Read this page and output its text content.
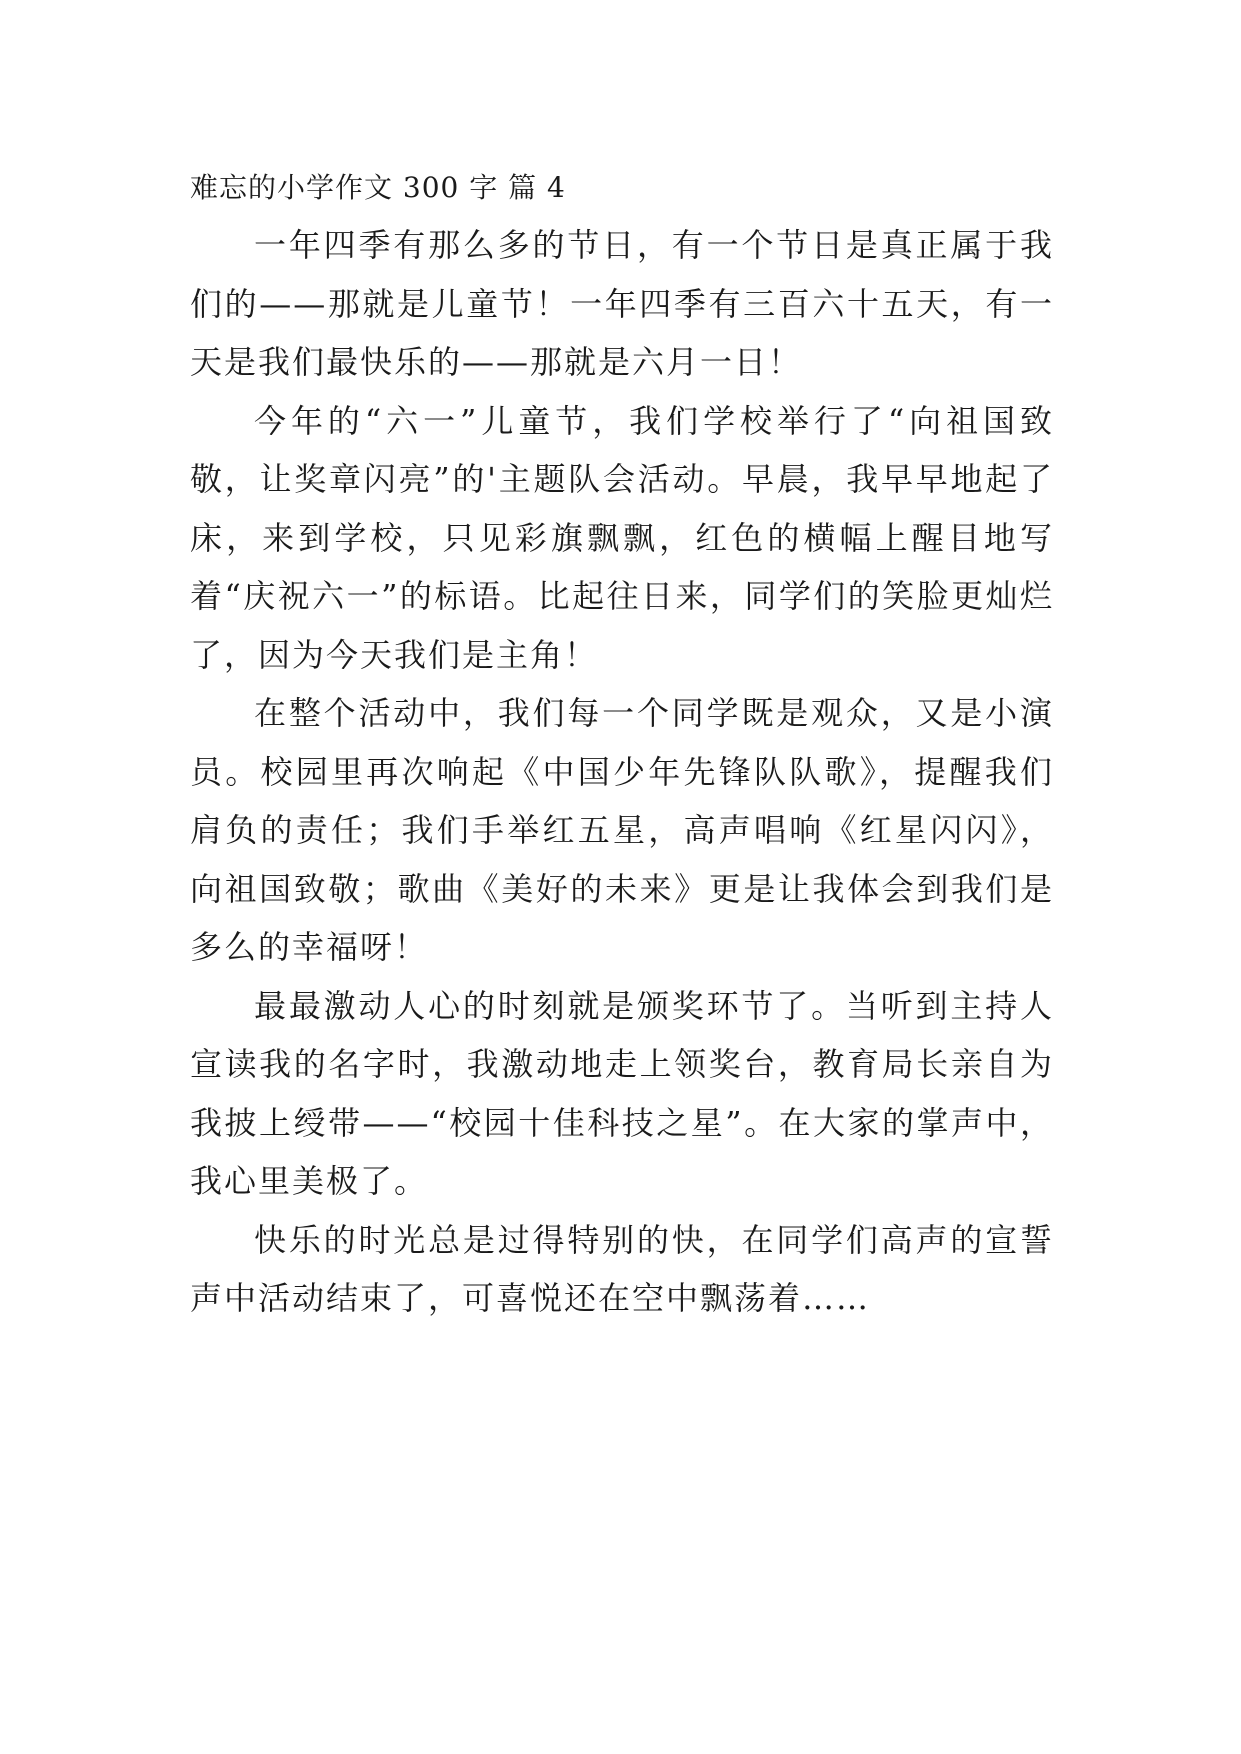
难忘的小学作文 300 字 篇 4

一年四季有那么多的节日，有一个节日是真正属于我们的——那就是儿童节！一年四季有三百六十五天，有一天是我们最快乐的——那就是六月一日！

今年的“六一”儿童节，我们学校举行了“向祖国致敬，让奖章闪亮”的'主题队会活动。早晨，我早早地起了床，来到学校，只见彩旗飘飘，红色的横幅上醒目地写着“庆祝六一”的标语。比起往日来，同学们的笑脸更灿烂了，因为今天我们是主角！

在整个活动中，我们每一个同学既是观众，又是小演员。校园里再次响起《中国少年先锋队队歌》，提醒我们肩负的责任；我们手举红五星，高声唱响《红星闪闪》，向祖国致敬；歌曲《美好的未来》更是让我体会到我们是多么的幸福呀！

最最激动人心的时刻就是颁奖环节了。当听到主持人宣读我的名字时，我激动地走上领奖台，教育局长亲自为我披上绶带——“校园十佳科技之星”。在大家的掌声中，我心里美极了。

快乐的时光总是过得特别的快，在同学们高声的宣誓声中活动结束了，可喜悦还在空中飘荡着……
